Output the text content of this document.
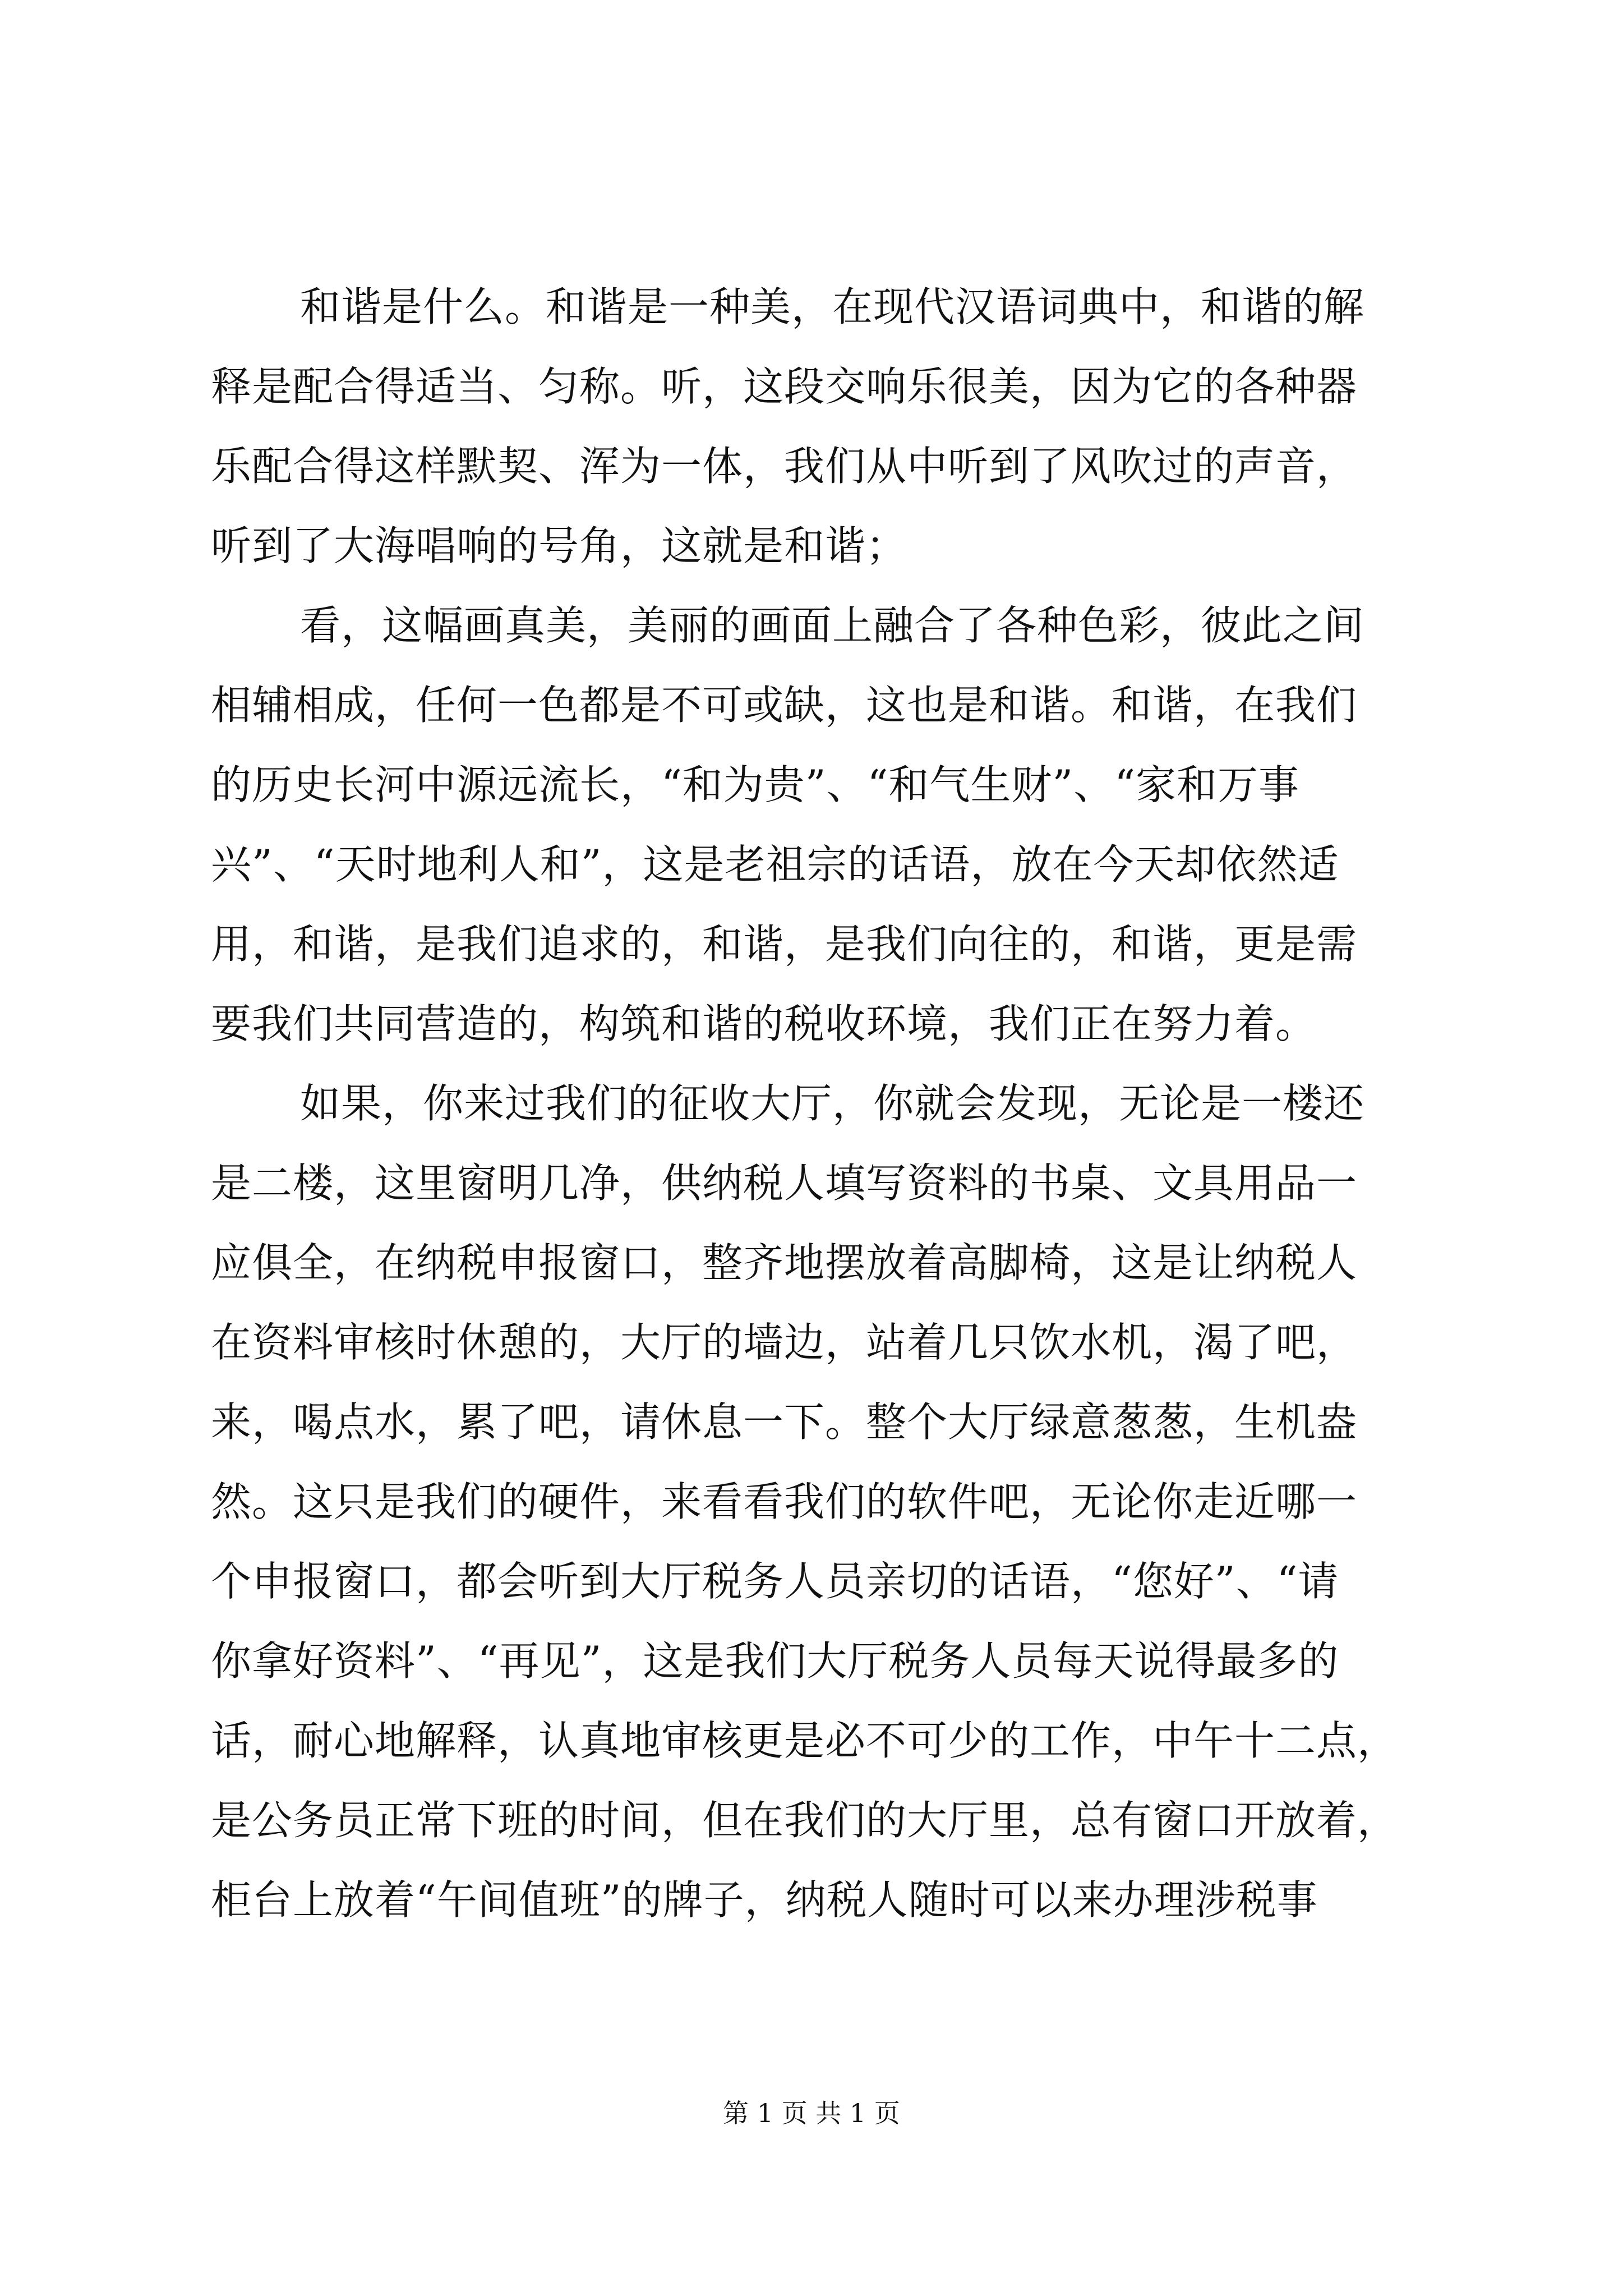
和谐是什么。和谐是一种美，在现代汉语词典中，和谐的解
释是配合得适当、匀称。听，这段交响乐很美，因为它的各种器
乐配合得这样默契、浑为一体，我们从中听到了风吹过的声音，
听到了大海唱响的号角，这就是和谐；
看，这幅画真美，美丽的画面上融合了各种色彩，彼此之间
相辅相成，任何一色都是不可或缺，这也是和谐。和谐，在我们
的历史长河中源远流长，“和为贵”、“和气生财”、“家和万事
兴”、“天时地利人和”，这是老祖宗的话语，放在今天却依然适
用，和谐，是我们追求的，和谐，是我们向往的，和谐，更是需
要我们共同营造的，构筑和谐的税收环境，我们正在努力着。
如果，你来过我们的征收大厅，你就会发现，无论是一楼还
是二楼，这里窗明几净，供纳税人填写资料的书桌、文具用品一
应俱全，在纳税申报窗口，整齐地摆放着高脚椅，这是让纳税人
在资料审核时休憩的，大厅的墙边，站着几只饮水机，渴了吧，
来，喝点水，累了吧，请休息一下。整个大厅绿意葱葱，生机盎
然。这只是我们的硬件，来看看我们的软件吧，无论你走近哪一
个申报窗口，都会听到大厅税务人员亲切的话语，“您好”、“请
你拿好资料”、“再见”，这是我们大厅税务人员每天说得最多的
话，耐心地解释，认真地审核更是必不可少的工作，中午十二点，
是公务员正常下班的时间，但在我们的大厅里，总有窗口开放着，
柜台上放着“午间值班”的牌子，纳税人随时可以来办理涉税事
第 1 页 共 1 页
